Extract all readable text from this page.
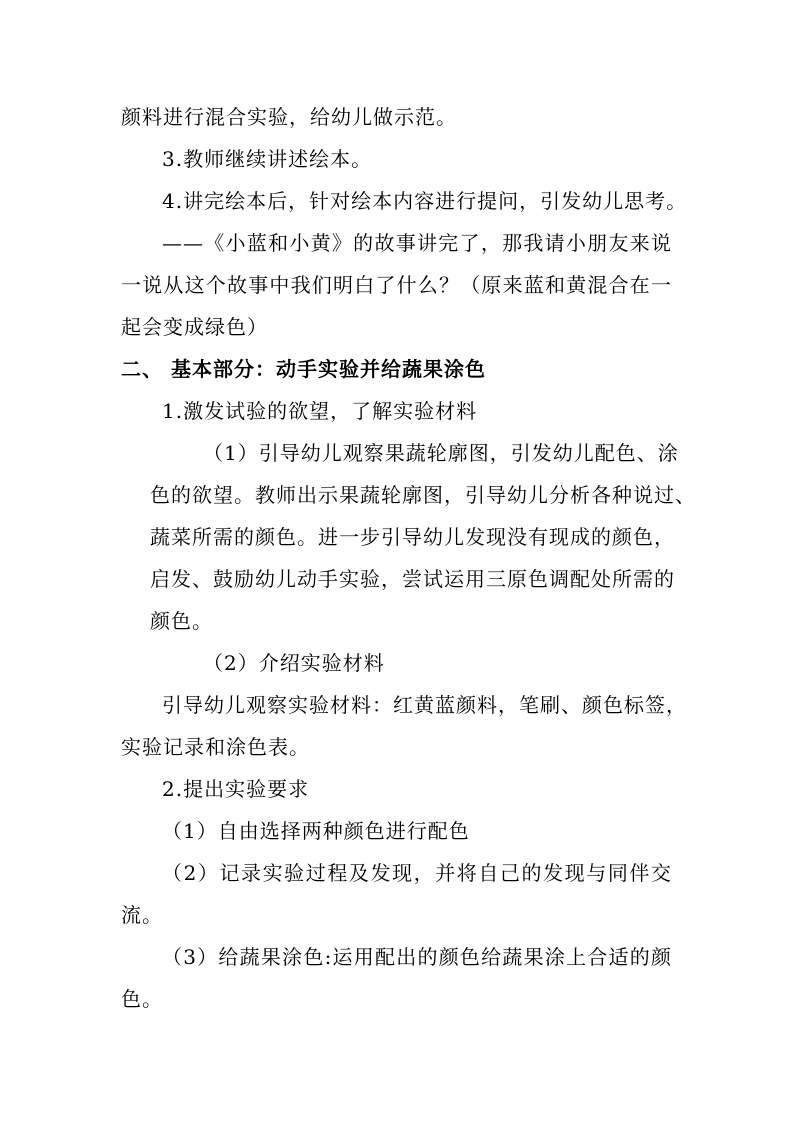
颜料进行混合实验，给幼儿做示范。
3.教师继续讲述绘本。
4.讲完绘本后，针对绘本内容进行提问，引发幼儿思考。
——《小蓝和小黄》的故事讲完了，那我请小朋友来说
一说从这个故事中我们明白了什么？（原来蓝和黄混合在一
起会变成绿色）
二、 基本部分：动手实验并给蔬果涂色
1.激发试验的欲望，了解实验材料
（1）引导幼儿观察果蔬轮廓图，引发幼儿配色、涂
色的欲望。教师出示果蔬轮廓图，引导幼儿分析各种说过、
蔬菜所需的颜色。进一步引导幼儿发现没有现成的颜色，
启发、鼓励幼儿动手实验，尝试运用三原色调配处所需的
颜色。
（2）介绍实验材料
引导幼儿观察实验材料：红黄蓝颜料，笔刷、颜色标签，
实验记录和涂色表。
2.提出实验要求
（1）自由选择两种颜色进行配色
（2）记录实验过程及发现，并将自己的发现与同伴交
流。
（3）给蔬果涂色:运用配出的颜色给蔬果涂上合适的颜
色。
